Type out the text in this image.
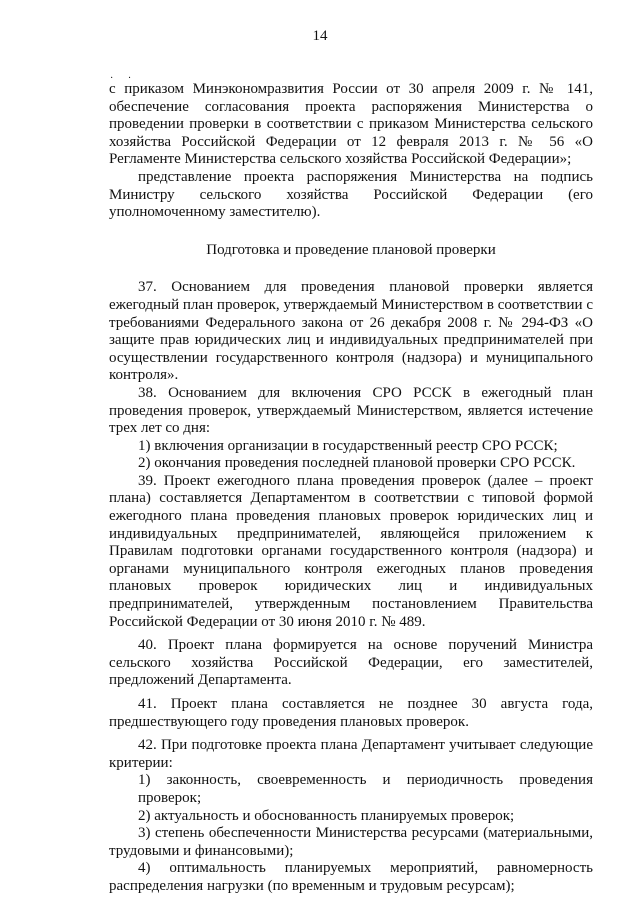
14
· ·

с приказом Минэкономразвития России от 30 апреля 2009 г. № 141, обеспечение согласования проекта распоряжения Министерства о проведении проверки в соответствии с приказом Министерства сельского хозяйства Российской Федерации от 12 февраля 2013 г. № 56 «О Регламенте Министерства сельского хозяйства Российской Федерации»;

представление проекта распоряжения Министерства на подпись Министру сельского хозяйства Российской Федерации (его уполномоченному заместителю).

Подготовка и проведение плановой проверки

37. Основанием для проведения плановой проверки является ежегодный план проверок, утверждаемый Министерством в соответствии с требованиями Федерального закона от 26 декабря 2008 г. № 294-ФЗ «О защите прав юридических лиц и индивидуальных предпринимателей при осуществлении государственного контроля (надзора) и муниципального контроля».

38. Основанием для включения СРО РССК в ежегодный план проведения проверок, утверждаемый Министерством, является истечение трех лет со дня:

1) включения организации в государственный реестр СРО РССК;

2) окончания проведения последней плановой проверки СРО РССК.

39. Проект ежегодного плана проведения проверок (далее – проект плана) составляется Департаментом в соответствии с типовой формой ежегодного плана проведения плановых проверок юридических лиц и индивидуальных предпринимателей, являющейся приложением к Правилам подготовки органами государственного контроля (надзора) и органами муниципального контроля ежегодных планов проведения плановых проверок юридических лиц и индивидуальных предпринимателей, утвержденным постановлением Правительства Российской Федерации от 30 июня 2010 г. № 489.

40. Проект плана формируется на основе поручений Министра сельского хозяйства Российской Федерации, его заместителей, предложений Департамента.

41. Проект плана составляется не позднее 30 августа года, предшествующего году проведения плановых проверок.

42. При подготовке проекта плана Департамент учитывает следующие критерии:

1) законность, своевременность и периодичность проведения проверок;

2) актуальность и обоснованность планируемых проверок;

3) степень обеспеченности Министерства ресурсами (материальными, трудовыми и финансовыми);

4) оптимальность планируемых мероприятий, равномерность распределения нагрузки (по временным и трудовым ресурсам);
